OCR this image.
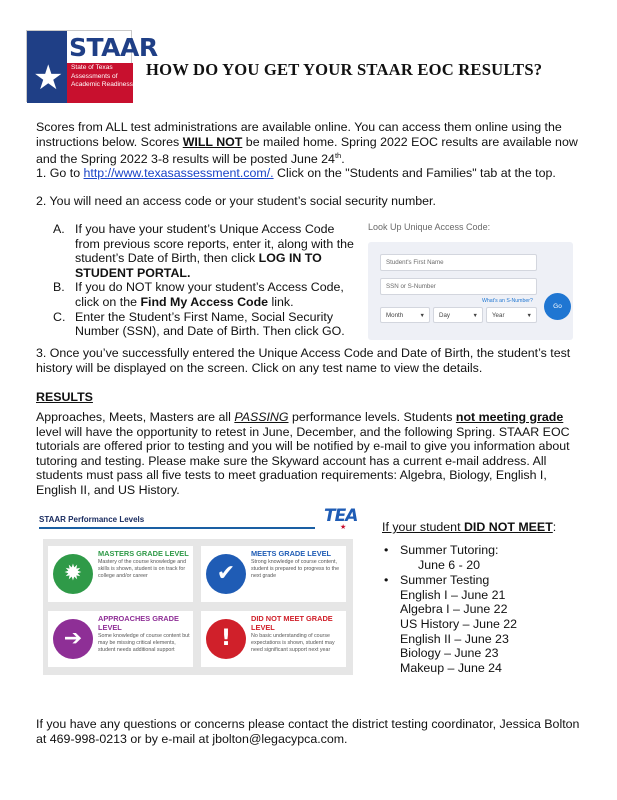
★
STAAR
State of Texas Assessments of Academic Readiness
HOW DO YOU GET YOUR STAAR EOC RESULTS?
Scores from ALL test administrations are available online. You can access them online using the instructions below. Scores WILL NOT be mailed home. Spring 2022 EOC results are available now and the Spring 2022 3-8 results will be posted June 24th.
1. Go to http://www.texasassessment.com/. Click on the "Students and Families" tab at the top.
2. You will need an access code or your student’s social security number.
A. If you have your student’s Unique Access Code from previous score reports, enter it, along with the student’s Date of Birth, then click LOG IN TO STUDENT PORTAL.
B. If you do NOT know your student’s Access Code, click on the Find My Access Code link.
C. Enter the Student’s First Name, Social Security Number (SSN), and Date of Birth. Then click GO.
Look Up Unique Access Code:
Student's First Name
SSN or S-Number
What's an S-Number?
Month	▼	Day	▼	Year	▼
Go
3. Once you’ve successfully entered the Unique Access Code and Date of Birth, the student’s test history will be displayed on the screen. Click on any test name to view the details.
RESULTS
Approaches, Meets, Masters are all PASSING performance levels. Students not meeting grade level will have the opportunity to retest in June, December, and the following Spring. STAAR EOC tutorials are offered prior to testing and you will be notified by e-mail to give you information about tutoring and testing. Please make sure the Skyward account has a current e-mail address. All students must pass all five tests to meet graduation requirements: Algebra, Biology, English I, English II, and US History.
STAAR Performance Levels	TEA
★
✹
MASTERS GRADE LEVEL
Mastery of the course knowledge and skills is shown, student is on track for college and/or career	✔
MEETS GRADE LEVEL
Strong knowledge of course content, student is prepared to progress to the next grade
➔
APPROACHES GRADE LEVEL
Some knowledge of course content but may be missing critical elements, student needs additional support	!
DID NOT MEET GRADE LEVEL
No basic understanding of course expectations is shown, student may need significant support next year
If your student DID NOT MEET:
• Summer Tutoring:
June 6 - 20
• Summer Testing
English I – June 21
Algebra I – June 22
US History – June 22
English II – June 23
Biology – June 23
Makeup – June 24
If you have any questions or concerns please contact the district testing coordinator, Jessica Bolton at 469-998-0213 or by e-mail at jbolton@legacypca.com.
